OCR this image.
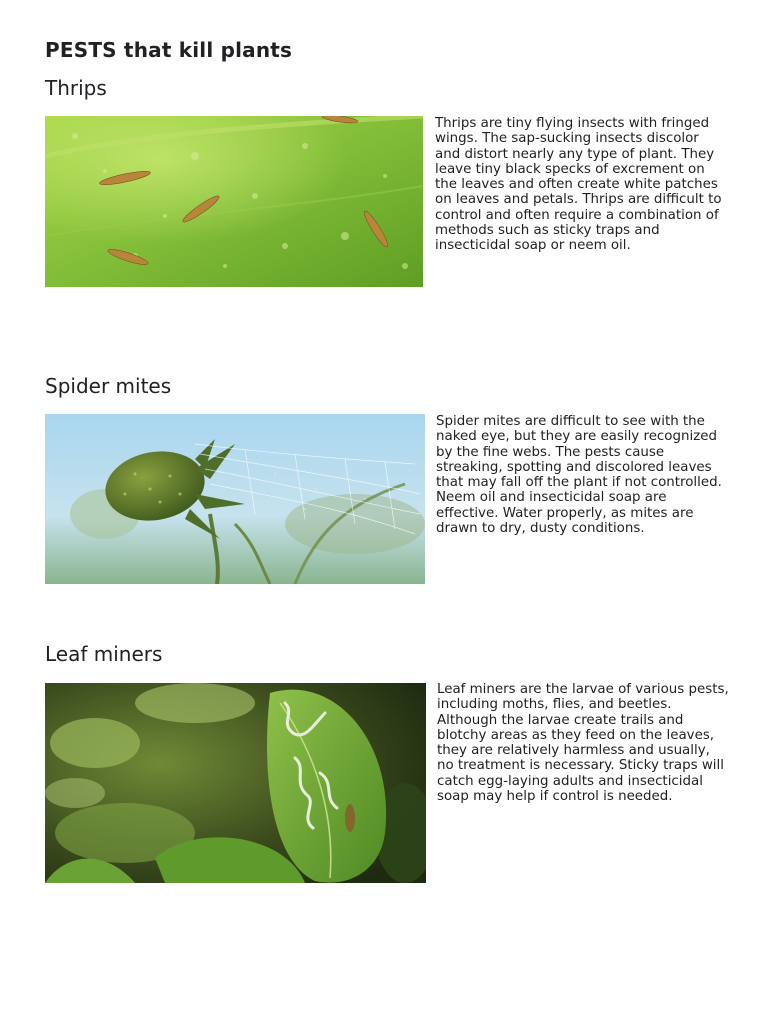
PESTS that kill plants
Thrips

Thrips are tiny flying insects with fringed wings. The sap-sucking insects discolor and distort nearly any type of plant. They leave tiny black specks of excrement on the leaves and often create white patches on leaves and petals. Thrips are difficult to control and often require a combination of methods such as sticky traps and insecticidal soap or neem oil.

Spider mites

Spider mites are difficult to see with the naked eye, but they are easily recognized by the fine webs. The pests cause streaking, spotting and discolored leaves that may fall off the plant if not controlled. Neem oil and insecticidal soap are effective. Water properly, as mites are drawn to dry, dusty conditions.

Leaf miners

Leaf miners are the larvae of various pests, including moths, flies, and beetles. Although the larvae create trails and blotchy areas as they feed on the leaves, they are relatively harmless and usually, no treatment is necessary. Sticky traps will catch egg-laying adults and insecticidal soap may help if control is needed.
